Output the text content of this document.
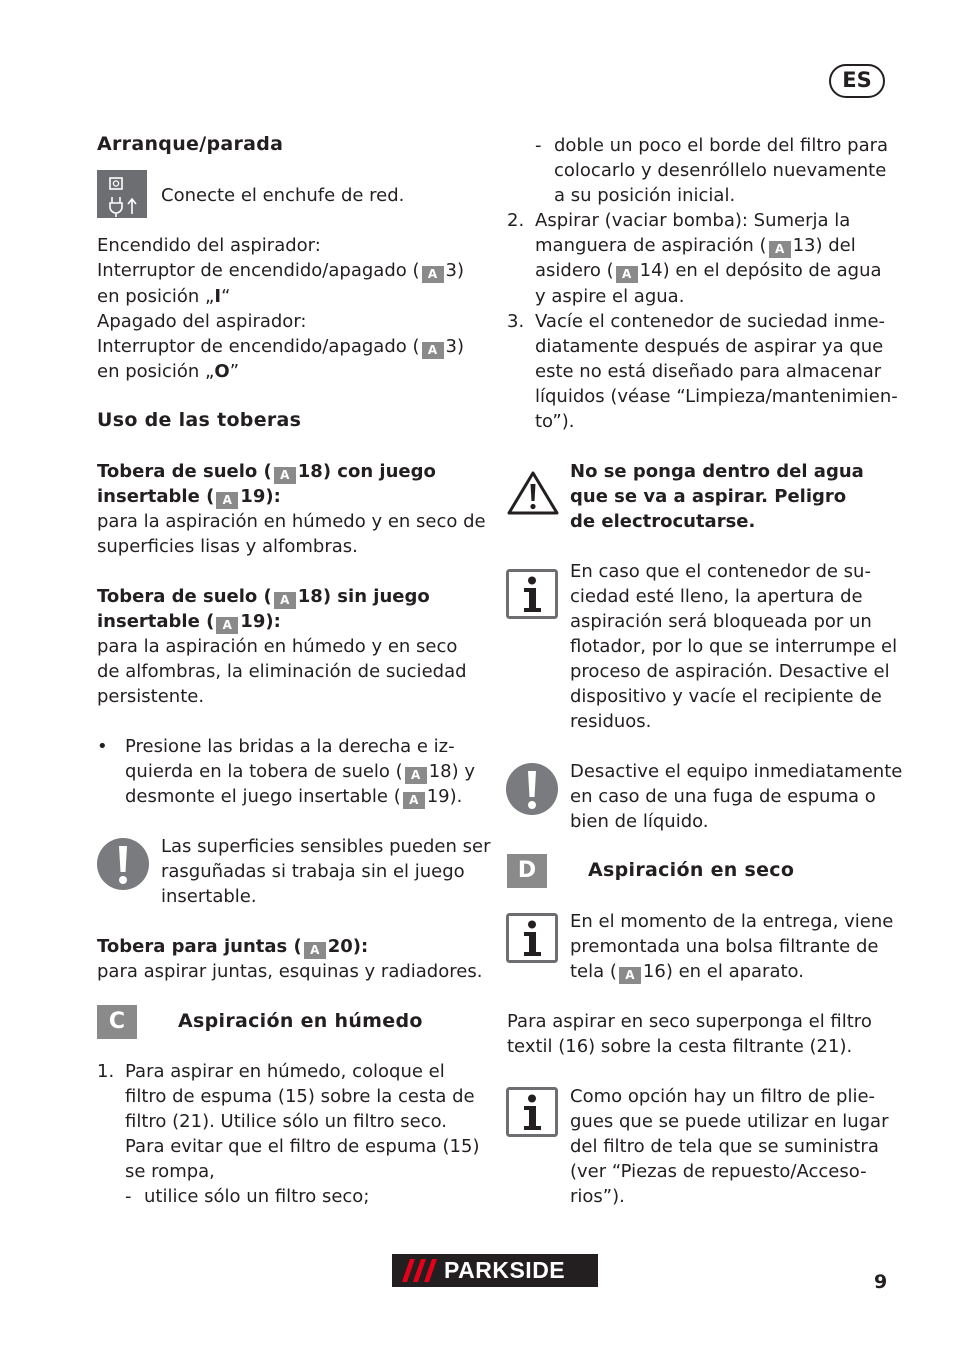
ES
Arranque/parada
Conecte el enchufe de red.
Encendido del aspirador:
Interruptor de encendido/apagado ( A 3)
en posición „I“
Apagado del aspirador:
Interruptor de encendido/apagado ( A 3)
en posición „O”
Uso de las toberas
Tobera de suelo ( A 18) con juego
insertable ( A 19):
para la aspiración en húmedo y en seco de
superficies lisas y alfombras.
Tobera de suelo ( A 18) sin juego
insertable ( A 19):
para la aspiración en húmedo y en seco
de alfombras, la eliminación de suciedad
persistente.
• Presione las bridas a la derecha e iz-
quierda en la tobera de suelo ( A 18) y
desmonte el juego insertable ( A 19).
Las superficies sensibles pueden ser
rasguñadas si trabaja sin el juego
insertable.
Tobera para juntas ( A 20):
para aspirar juntas, esquinas y radiadores.
C	Aspiración en húmedo
1. Para aspirar en húmedo, coloque el
filtro de espuma (15) sobre la cesta de
filtro (21). Utilice sólo un filtro seco.
Para evitar que el filtro de espuma (15)
se rompa,
- utilice sólo un filtro seco;
- doble un poco el borde del filtro para
colocarlo y desenróllelo nuevamente
a su posición inicial.
2. Aspirar (vaciar bomba): Sumerja la
manguera de aspiración ( A 13) del
asidero ( A 14) en el depósito de agua
y aspire el agua.
3. Vacíe el contenedor de suciedad inme-
diatamente después de aspirar ya que
este no está diseñado para almacenar
líquidos (véase “Limpieza/mantenimien-
to”).
No se ponga dentro del agua
que se va a aspirar. Peligro
de electrocutarse.
En caso que el contenedor de su-
ciedad esté lleno, la apertura de
aspiración será bloqueada por un
flotador, por lo que se interrumpe el
proceso de aspiración. Desactive el
dispositivo y vacíe el recipiente de
residuos.
Desactive el equipo inmediatamente
en caso de una fuga de espuma o
bien de líquido.
D	Aspiración en seco
En el momento de la entrega, viene
premontada una bolsa filtrante de
tela ( A 16) en el aparato.
Para aspirar en seco superponga el filtro
textil (16) sobre la cesta filtrante (21).
Como opción hay un filtro de plie-
gues que se puede utilizar en lugar
del filtro de tela que se suministra
(ver “Piezas de repuesto/Acceso-
rios”).
PARKSIDE	9
